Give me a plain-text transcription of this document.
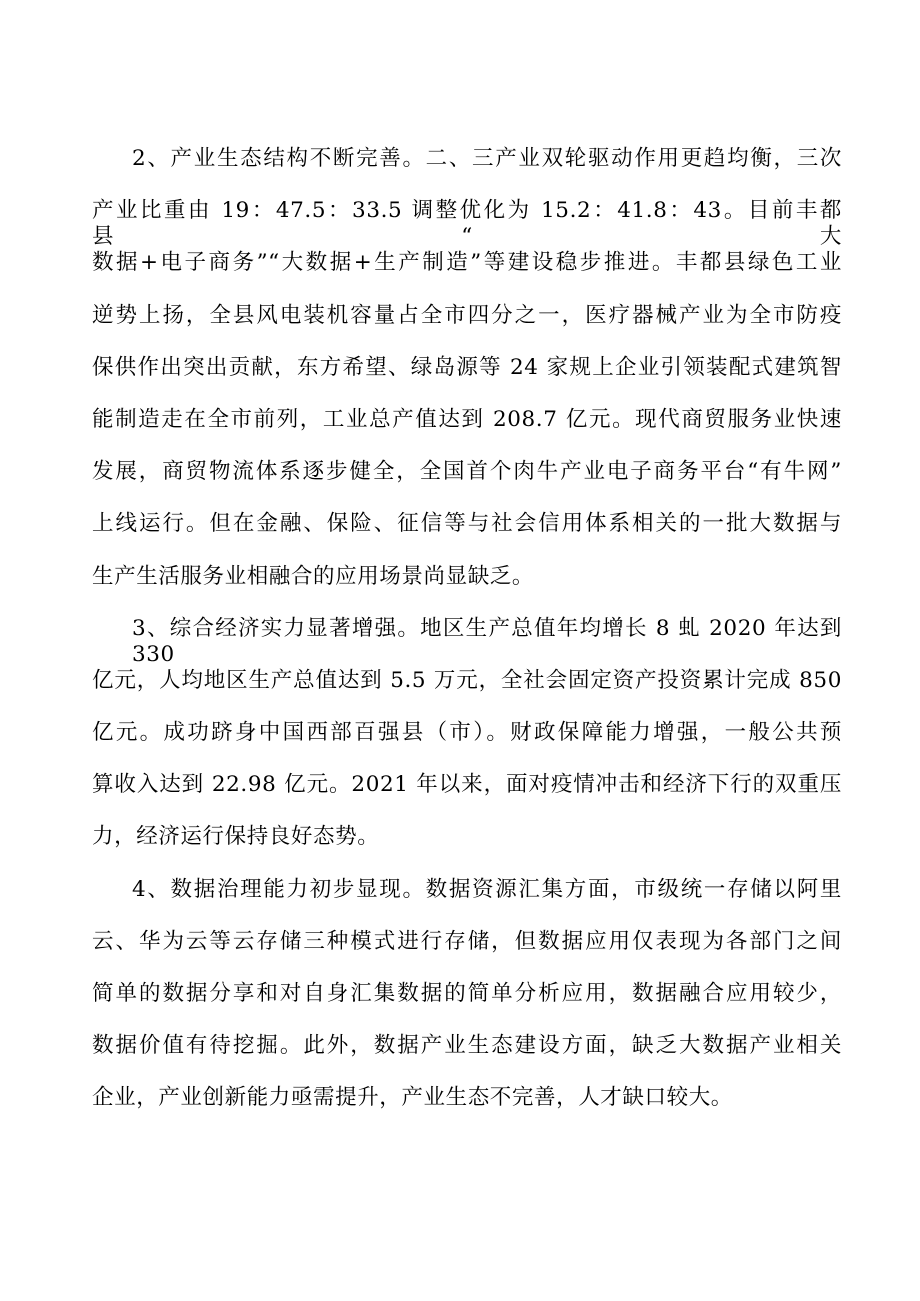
2、产业生态结构不断完善。二、三产业双轮驱动作用更趋均衡，三次
产业比重由 19：47.5：33.5 调整优化为 15.2：41.8：43。目前丰都县“大
数据+电子商务”“大数据+生产制造”等建设稳步推进。丰都县绿色工业
逆势上扬，全县风电装机容量占全市四分之一，医疗器械产业为全市防疫
保供作出突出贡献，东方希望、绿岛源等 24 家规上企业引领装配式建筑智
能制造走在全市前列，工业总产值达到 208.7 亿元。现代商贸服务业快速
发展，商贸物流体系逐步健全，全国首个肉牛产业电子商务平台“有牛网”
上线运行。但在金融、保险、征信等与社会信用体系相关的一批大数据与
生产生活服务业相融合的应用场景尚显缺乏。
3、综合经济实力显著增强。地区生产总值年均增长 8 虬 2020 年达到 330
亿元，人均地区生产总值达到 5.5 万元，全社会固定资产投资累计完成 850
亿元。成功跻身中国西部百强县（市）。财政保障能力增强，一般公共预
算收入达到 22.98 亿元。2021 年以来，面对疫情冲击和经济下行的双重压
力，经济运行保持良好态势。
4、数据治理能力初步显现。数据资源汇集方面，市级统一存储以阿里
云、华为云等云存储三种模式进行存储，但数据应用仅表现为各部门之间
简单的数据分享和对自身汇集数据的简单分析应用，数据融合应用较少，
数据价值有待挖掘。此外，数据产业生态建设方面，缺乏大数据产业相关
企业，产业创新能力亟需提升，产业生态不完善，人才缺口较大。
